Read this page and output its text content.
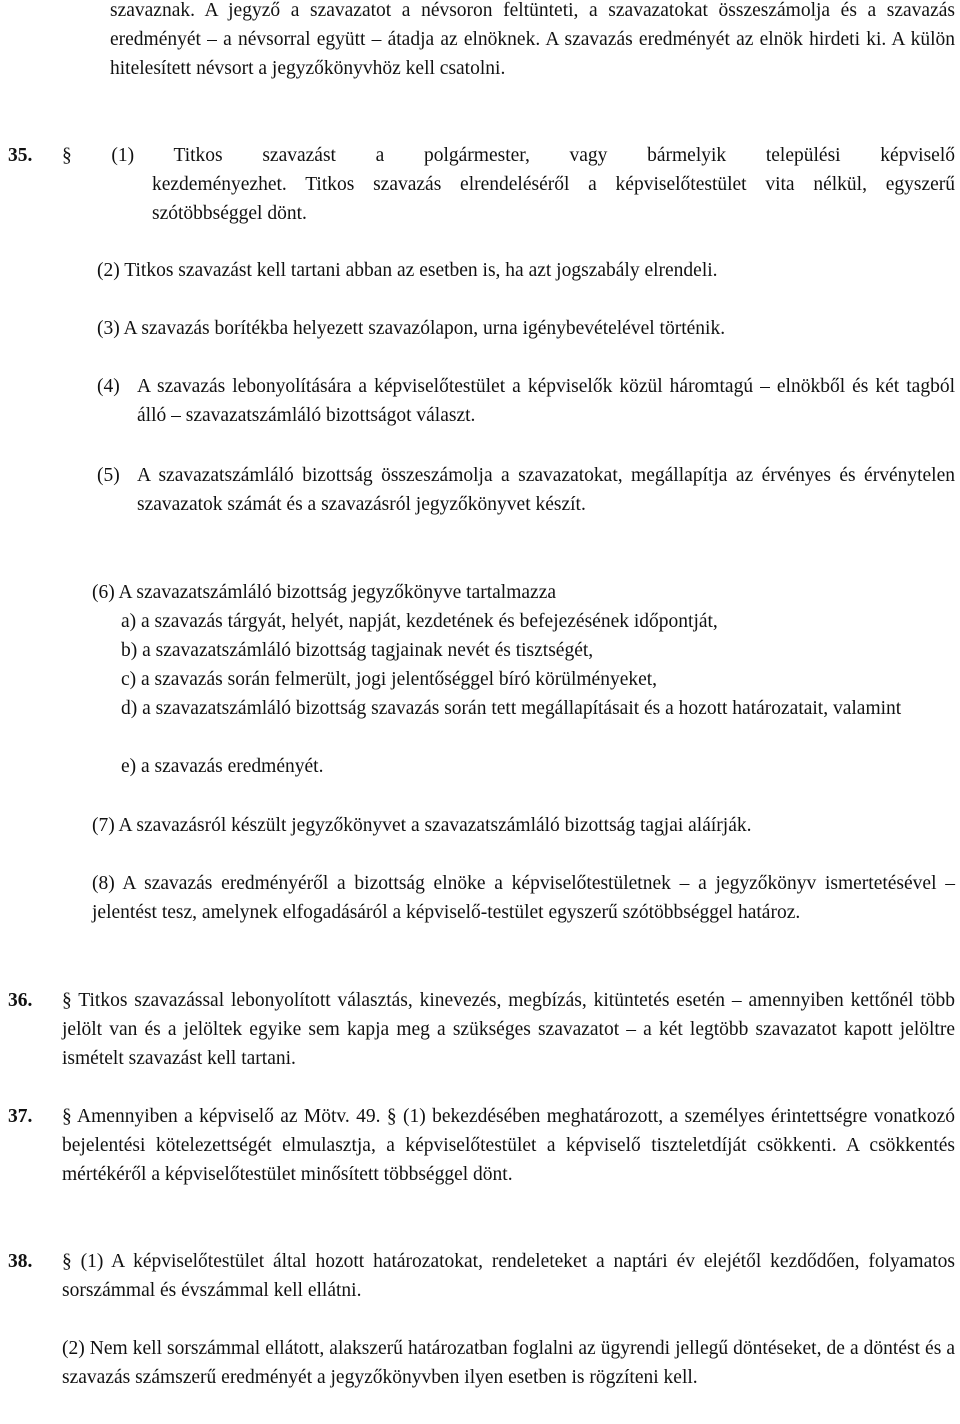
szavaznak. A jegyző a szavazatot a névsoron feltünteti, a szavazatokat összeszámolja és a szavazás eredményét – a névsorral együtt – átadja az elnöknek. A szavazás eredményét az elnök hirdeti ki. A külön hitelesített névsort a jegyzőkönyvhöz kell csatolni.

35. § (1) Titkos szavazást a polgármester, vagy bármelyik települési képviselő

kezdeményezhet. Titkos szavazás elrendeléséről a képviselőtestület vita nélkül, egyszerű szótöbbséggel dönt.

(2) Titkos szavazást kell tartani abban az esetben is, ha azt jogszabály elrendeli.

(3) A szavazás borítékba helyezett szavazólapon, urna igénybevételével történik.

(4) A szavazás lebonyolítására a képviselőtestület a képviselők közül háromtagú – elnökből és két tagból álló – szavazatszámláló bizottságot választ.

(5) A szavazatszámláló bizottság összeszámolja a szavazatokat, megállapítja az érvényes és érvénytelen szavazatok számát és a szavazásról jegyzőkönyvet készít.

(6) A szavazatszámláló bizottság jegyzőkönyve tartalmazza

a) a szavazás tárgyát, helyét, napját, kezdetének és befejezésének időpontját,

b) a szavazatszámláló bizottság tagjainak nevét és tisztségét,

c) a szavazás során felmerült, jogi jelentőséggel bíró körülményeket,

d) a szavazatszámláló bizottság szavazás során tett megállapításait és a hozott határozatait, valamint

e) a szavazás eredményét.

(7) A szavazásról készült jegyzőkönyvet a szavazatszámláló bizottság tagjai aláírják.

(8) A szavazás eredményéről a bizottság elnöke a képviselőtestületnek – a jegyzőkönyv ismertetésével – jelentést tesz, amelynek elfogadásáról a képviselő-testület egyszerű szótöbbséggel határoz.

36. § Titkos szavazással lebonyolított választás, kinevezés, megbízás, kitüntetés esetén – amennyiben kettőnél több jelölt van és a jelöltek egyike sem kapja meg a szükséges szavazatot – a két legtöbb szavazatot kapott jelöltre ismételt szavazást kell tartani.

37. § Amennyiben a képviselő az Mötv. 49. § (1) bekezdésében meghatározott, a személyes érintettségre vonatkozó bejelentési kötelezettségét elmulasztja, a képviselőtestület a képviselő tiszteletdíját csökkenti. A csökkentés mértékéről a képviselőtestület minősített többséggel dönt.

38. § (1) A képviselőtestület által hozott határozatokat, rendeleteket a naptári év elejétől kezdődően, folyamatos sorszámmal és évszámmal kell ellátni.

(2) Nem kell sorszámmal ellátott, alakszerű határozatban foglalni az ügyrendi jellegű döntéseket, de a döntést és a szavazás számszerű eredményét a jegyzőkönyvben ilyen esetben is rögzíteni kell.
